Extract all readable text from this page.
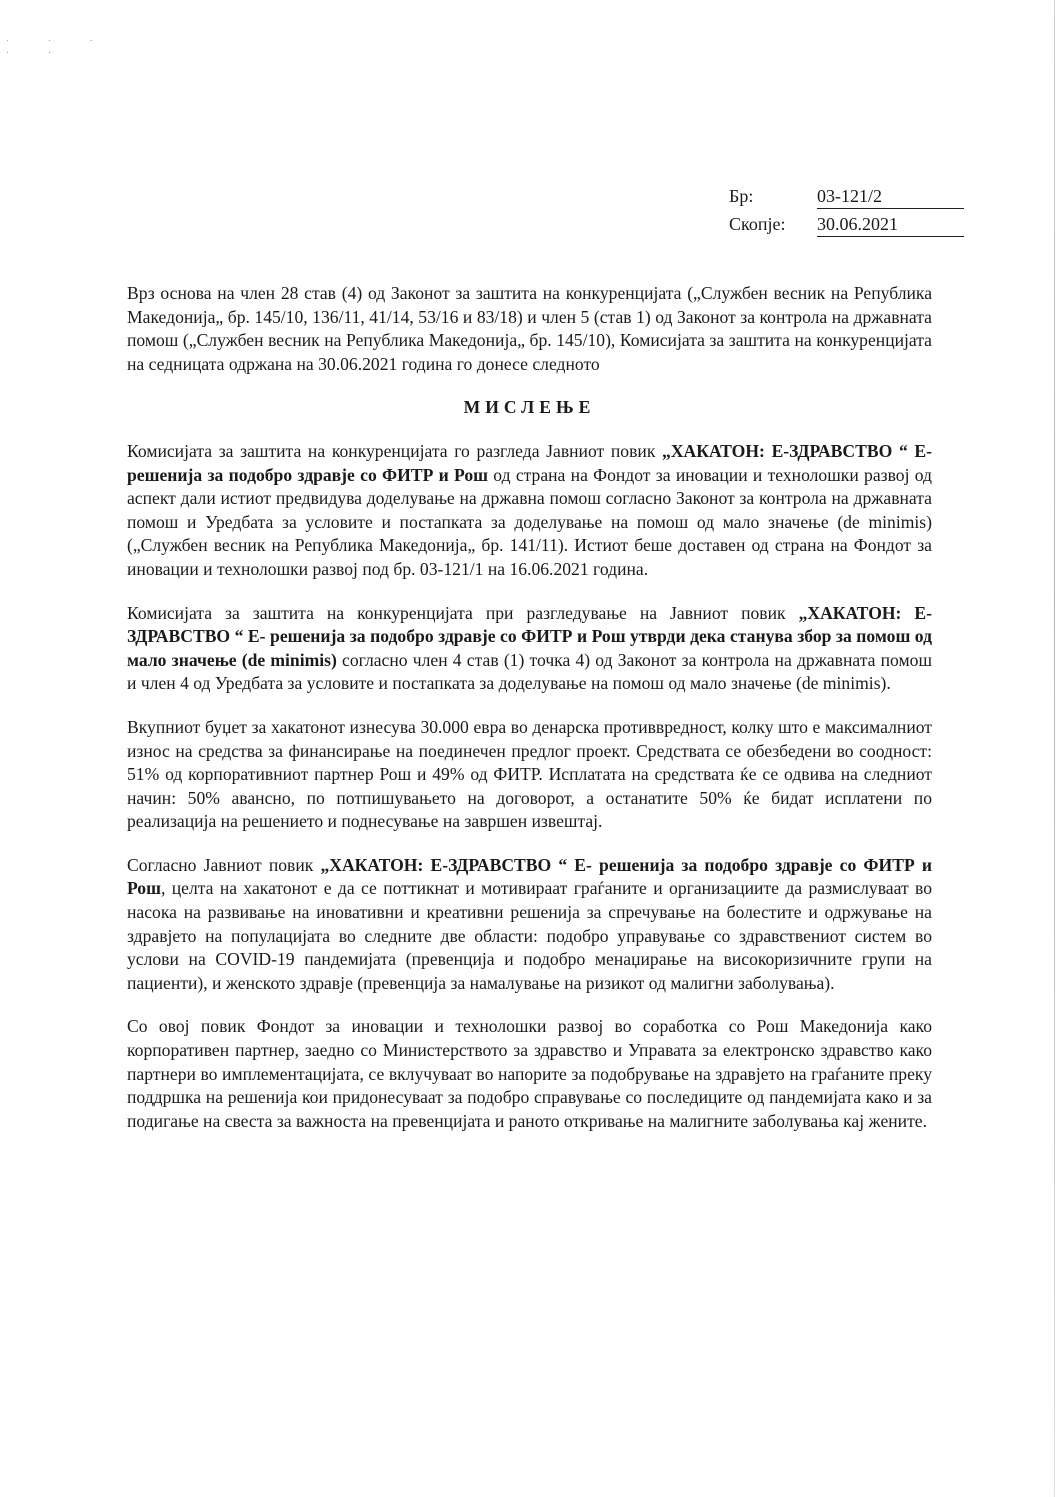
· · ·
· ·
Бр:	03-121/2
Скопје:	30.06.2021

Врз основа на член 28 став (4) од Законот за заштита на конкуренцијата („Службен весник на Република Македонија„ бр. 145/10, 136/11, 41/14, 53/16 и 83/18) и член 5 (став 1) од Законот за контрола на државната помош („Службен весник на Република Македонија„ бр. 145/10), Комисијата за заштита на конкуренцијата на седницата одржана на 30.06.2021 година го донесе следното

МИСЛЕЊЕ

Комисијата за заштита на конкуренцијата го разгледа Јавниот повик „ХАКАТОН: Е-ЗДРАВСТВО “ Е- решенија за подобро здравје со ФИТР и Рош од страна на Фондот за иновации и технолошки развој од аспект дали истиот предвидува доделување на државна помош согласно Законот за контрола на државната помош и Уредбата за условите и постапката за доделување на помош од мало значење (de minimis) („Службен весник на Република Македонија„ бр. 141/11). Истиот беше доставен од страна на Фондот за иновации и технолошки развој под бр. 03-121/1 на 16.06.2021 година.

Комисијата за заштита на конкуренцијата при разгледување на Јавниот повик „ХАКАТОН: Е-ЗДРАВСТВО “ Е- решенија за подобро здравје со ФИТР и Рош утврди дека станува збор за помош од мало значење (de minimis) согласно член 4 став (1) точка 4) од Законот за контрола на државната помош и член 4 од Уредбата за условите и постапката за доделување на помош од мало значење (de minimis).

Вкупниот буџет за хакатонот изнесува 30.000 евра во денарска противвредност, колку што е максималниот износ на средства за финансирање на поединечен предлог проект. Средствата се обезбедени во соодност: 51% од корпоративниот партнер Рош и 49% од ФИТР. Исплатата на средствата ќе се одвива на следниот начин: 50% авансно, по потпишувањето на договорот, а останатите 50% ќе бидат исплатени по реализација на решението и поднесување на завршен извештај.

Согласно Јавниот повик „ХАКАТОН: Е-ЗДРАВСТВО “ Е- решенија за подобро здравје со ФИТР и Рош, целта на хакатонот е да се поттикнат и мотивираат граѓаните и организациите да размислуваат во насока на развивање на иновативни и креативни решенија за спречување на болестите и одржување на здравјето на популацијата во следните две области: подобро управување со здравствениот систем во услови на COVID-19 пандемијата (превенција и подобро менаџирање на високоризичните групи на пациенти), и женското здравје (превенција за намалување на ризикот од малигни заболувања).

Со овој повик Фондот за иновации и технолошки развој во соработка со Рош Македонија како корпоративен партнер, заедно со Министерството за здравство и Управата за електронско здравство како партнери во имплементацијата, се вклучуваат во напорите за подобрување на здравјето на граѓаните преку поддршка на решенија кои придонесуваат за подобро справување со последиците од пандемијата како и за подигање на свеста за важноста на превенцијата и раното откривање на малигните заболувања кај жените.
